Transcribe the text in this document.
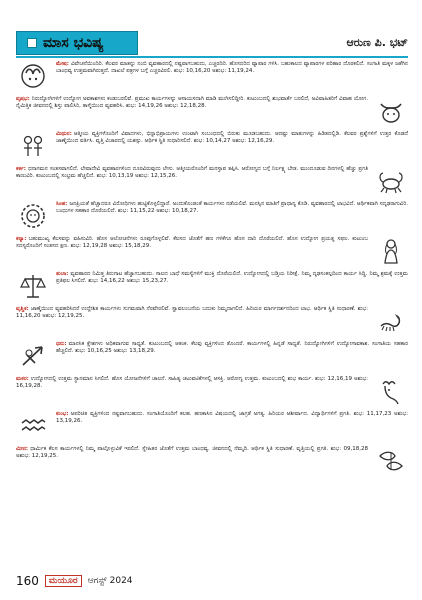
ಮಾಸ ಭವಿಷ್ಯ	ಆರುಣ ಪಿ. ಭಟ್
ಮೇಷ: ವಿವೇಚನೆಯಿಂದಿರಿ. ಕೆಲವರ ಮಾತನ್ನು ನಂಬಿ ವ್ಯವಹಾರದಲ್ಲಿ ನಷ್ಟವಾಗಬಹುದು, ಎಚ್ಚರದಿರಿ. ಹೊಸದರಿದ ವ್ಯಾಪಾರ ಗಳಿಸಿ. ಬಹುಕಾಲದ ವ್ಯಾಪಾರಗಳ ಪರಿಹಾರ ದೊರಕಲಿದೆ. ಸಂಗಾತಿ ಮಕ್ಕಳ ಜತೆಗಿನ ಬಾಂಧವ್ಯ ಉತ್ತಮವಾಗಿರುತ್ತದೆ. ದಾಖಲೆ ಪತ್ರಗಳ ಬಗ್ಗೆ ಎಚ್ಚರವಿರಲಿ. ಶುಭ: 10,16,20 ಅಶುಭ: 11,19,24.
ವೃಷಭ: ನಿರುದ್ಯೋಗಿಗಳಿಗೆ ಉದ್ಯೋಗ ಅವಕಾಶಗಳು ಕಂಡುಬರಲಿವೆ. ಪ್ರಮುಖ ಕಾರ್ಯಗಳನ್ನು ಆಸಾಯಸದಾಗಿ ಮಾಡಿ ಮುಗಿಸಲಿದ್ದೀರಿ. ಕುಟುಂಬದಲ್ಲಿ ಶುಭವಾರ್ತೆ ಬರಲಿದೆ, ಅವಿವಾಹಿತರಿಗೆ ವಿವಾಹ ಯೋಗ. ನೈಮಿತ್ತಿಕ ಜೀವನದಲ್ಲಿ ಶಿಸ್ತು ಪಾಲಿಸಿರಿ, ತಾಳ್ಮೆಯಿಂದ ವ್ಯವಹರಿಸಿ. ಶುಭ: 14,19,26 ಅಶುಭ: 12,18,28.
ಮಿಥುನ: ಆತ್ಮೀಯ ವ್ಯಕ್ತಿಗಳೊಂದಿಗೆ ವಿವಾದಗಳು, ಭಿನ್ನಾಭಿಪ್ರಾಯಗಳು ಉಂಟಾಗಿ ಸಂಬಂಧದಲ್ಲಿ ಬಿರುಕು ಮೂಡಬಹುದು. ಆದಷ್ಟು ಮಾತುಗಳನ್ನು ಹಿಡಿತದಲ್ಲಿಡಿ. ಕೆಲವರ ಪ್ರಶ್ನೆಗಳಿಗೆ ಉತ್ತರ ಕೊಡದೆ ಜಾಣ್ಮೆಯಿಂದ ವರ್ತಿಸಿ. ವೃತ್ತಿ ವಿಚಾರದಲ್ಲಿ ಯಶಸ್ಸು. ಆರ್ಥಿಕ ಸ್ಥಿತಿ ಸುಧಾರಿಸಲಿದೆ. ಶುಭ: 10,14,27 ಅಶುಭ: 12,16,29.
ಕರ್ಕ: ಧನಾಗಮನ ಸಂತಸವಾಗಲಿದೆ. ಲೇವಾದೇವಿ ವ್ಯವಹಾರಗಳಿಂದ ದೂರವಿರುವುದು ಲೇಸು. ಆತ್ಮೀಯರೊಂದಿಗೆ ಮನಸ್ತಾಪ ತಪ್ಪಿಸಿ. ಆರೋಗ್ಯದ ಬಗ್ಗೆ ನಿರ್ಲಕ್ಷ್ಯ ಬೇಡ. ಮುಂದೂಡುವ ದಿನಗಳಲ್ಲಿ ಹೆಚ್ಚು ಪ್ರಗತಿ ಕಾಣುವಿರಿ. ಕುಟುಂಬದಲ್ಲಿ ಸಂಭ್ರಮ ಹೆಚ್ಚಲಿದೆ. ಶುಭ: 10,13,19 ಅಶುಭ: 12,15,26.
ಸಿಂಹ: ಜನಪ್ರಿಯತೆ ಹೆಚ್ಚಾದರೂ ವಿರೋಧಿಗಳು ಹುಟ್ಟಿಕೊಳ್ಳಲಿದ್ದಾರೆ. ಅಂದುಕೊಂಡಂತೆ ಕಾರ್ಯಗಳು ನಡೆಯಲಿವೆ. ಮನಸ್ಸಿನ ಮಾತಿಗೆ ಪ್ರಾಧಾನ್ಯ ಕೊಡಿ. ವ್ಯವಹಾರದಲ್ಲಿ ಲಾಭವಿದೆ. ಆರ್ಥಿಕವಾಗಿ ಸದೃಢರಾಗುವಿರಿ. ಬಂಧುಗಳ ಸಹಕಾರ ದೊರೆಯಲಿದೆ. ಶುಭ: 11,15,22 ಅಶುಭ: 10,18,27.
ಕನ್ಯಾ: ಬಹುಮುಖ್ಯ ಕೆಲಸವನ್ನು ವಹಿಸುವಿರಿ. ಹೊಸ ಆಲೋಚನೆಗಳು ರೂಪುಗೊಳ್ಳಲಿವೆ. ಕೆಲಸದ ಜೊತೆಗೆ ಹಣ ಗಳಿಕೆಗೂ ಹೊಸ ದಾರಿ ದೊರೆಯಲಿದೆ. ಹೊಸ ಉದ್ಯೋಗ ಪ್ರಯತ್ನ ಸಫಲ. ಕುಟುಂಬ ಸದಸ್ಯರೊಂದಿಗೆ ಸಂತಸದ ಕ್ಷಣ. ಶುಭ: 12,19,28 ಅಶುಭ: 15,18,29.
ತುಲಾ: ವ್ಯವಹಾರದ ನಿಮಿತ್ತ ತಿರುಗಾಟ ಹೆಚ್ಚಾಗಬಹುದು. ಸಾಲದ ಬಾಧೆ ಸಮಸ್ಯೆಗಳಿಗೆ ಮುಕ್ತಿ ದೊರೆಯಲಿದೆ. ಉದ್ಯೋಗದಲ್ಲಿ ಬಡ್ತಿಯ ನಿರೀಕ್ಷೆ. ನಿಮ್ಮ ದೃಢಸಂಕಲ್ಪದಿಂದ ಕಾರ್ಯ ಸಿದ್ಧಿ. ನಿಮ್ಮ ಶ್ರಮಕ್ಕೆ ಉತ್ತಮ ಪ್ರತಿಫಲ ಸಿಗಲಿದೆ. ಶುಭ: 14,16,22 ಅಶುಭ: 15,23,27.
ವೃಶ್ಚಿಕ: ಜಾಣ್ಮೆಯಿಂದ ವ್ಯವಹರಿಸಿದರೆ ಉದ್ದೇಶಿತ ಕಾರ್ಯಗಳು ಸುಗಮವಾಗಿ ನೆರವೇರಲಿವೆ. ಸ್ವಾವಲಂಬನೆಯ ಬದುಕು ನಿಮ್ಮದಾಗಲಿದೆ. ಹಿರಿಯರ ಮಾರ್ಗದರ್ಶನದಿಂದ ಲಾಭ. ಆರ್ಥಿಕ ಸ್ಥಿತಿ ಸುಧಾರಣೆ. ಶುಭ: 11,16,20 ಅಶುಭ: 12,19,25.
ಧನು: ಮಾನಸಿಕ ಕ್ಲೇಶಗಳು ಅಧಿಕವಾಗುವ ಸಾಧ್ಯತೆ. ಕುಟುಂಬದಲ್ಲಿ ಆತಂಕ. ಕೆಲವು ವ್ಯಕ್ತಿಗಳಿಂದ ತೊಂದರೆ. ಕಾರ್ಯಗಳಲ್ಲಿ ಹಿನ್ನಡೆ ಸಾಧ್ಯತೆ. ನಿರುದ್ಯೋಗಿಗಳಿಗೆ ಉದ್ಯೋಗಾವಕಾಶ. ಸಂಗಾತಿಯ ಸಹಕಾರ ಹೆಚ್ಚಲಿದೆ. ಶುಭ: 10,16,25 ಅಶುಭ: 13,18,29.
ಮಕರ: ಉದ್ಯೋಗದಲ್ಲಿ ಉತ್ತಮ ಸ್ಥಾನಮಾನ ಸಿಗಲಿದೆ. ಹೊಸ ಯೋಜನೆಗಳಿಗೆ ಚಾಲನೆ. ಸಾಹಿತ್ಯ ಚಟುವಟಿಕೆಗಳಲ್ಲಿ ಆಸಕ್ತಿ. ಆರೋಗ್ಯ ಉತ್ತಮ. ಕುಟುಂಬದಲ್ಲಿ ಶುಭ ಕಾರ್ಯ. ಶುಭ: 12,16,19 ಅಶುಭ: 16,19,28.
ಕುಂಭ: ಅಪರಿಚಿತ ವ್ಯಕ್ತಿಗಳಿಂದ ನಷ್ಟವಾಗಬಹುದು. ಸಂಗಾತಿಯೊಂದಿಗೆ ಕಲಹ. ಹಣಕಾಸಿನ ವಿಷಯದಲ್ಲಿ ಜಾಗ್ರತೆ ಅಗತ್ಯ. ಹಿರಿಯರ ಆಶೀರ್ವಾದ. ವಿದ್ಯಾರ್ಥಿಗಳಿಗೆ ಪ್ರಗತಿ. ಶುಭ: 11,17,23 ಅಶುಭ: 13,19,26.
ಮೀನ: ಧಾರ್ಮಿಕ ಕೆಲಸ ಕಾರ್ಯಗಳಲ್ಲಿ ನಿಮ್ಮ ಪಾಲ್ಗೊಳ್ಳುವಿಕೆ ಇರಲಿದೆ. ಸ್ನೇಹಿತರ ಜೊತೆಗೆ ಉತ್ತಮ ಬಾಂಧವ್ಯ. ಜೀವನದಲ್ಲಿ ನೆಮ್ಮದಿ. ಆರ್ಥಿಕ ಸ್ಥಿತಿ ಸುಧಾರಣೆ. ವೃತ್ತಿಯಲ್ಲಿ ಪ್ರಗತಿ. ಶುಭ: 09,18,28 ಅಶುಭ: 12,19,25.
160	ಮಯೂರ	ಆಗಸ್ಟ್ 2024
